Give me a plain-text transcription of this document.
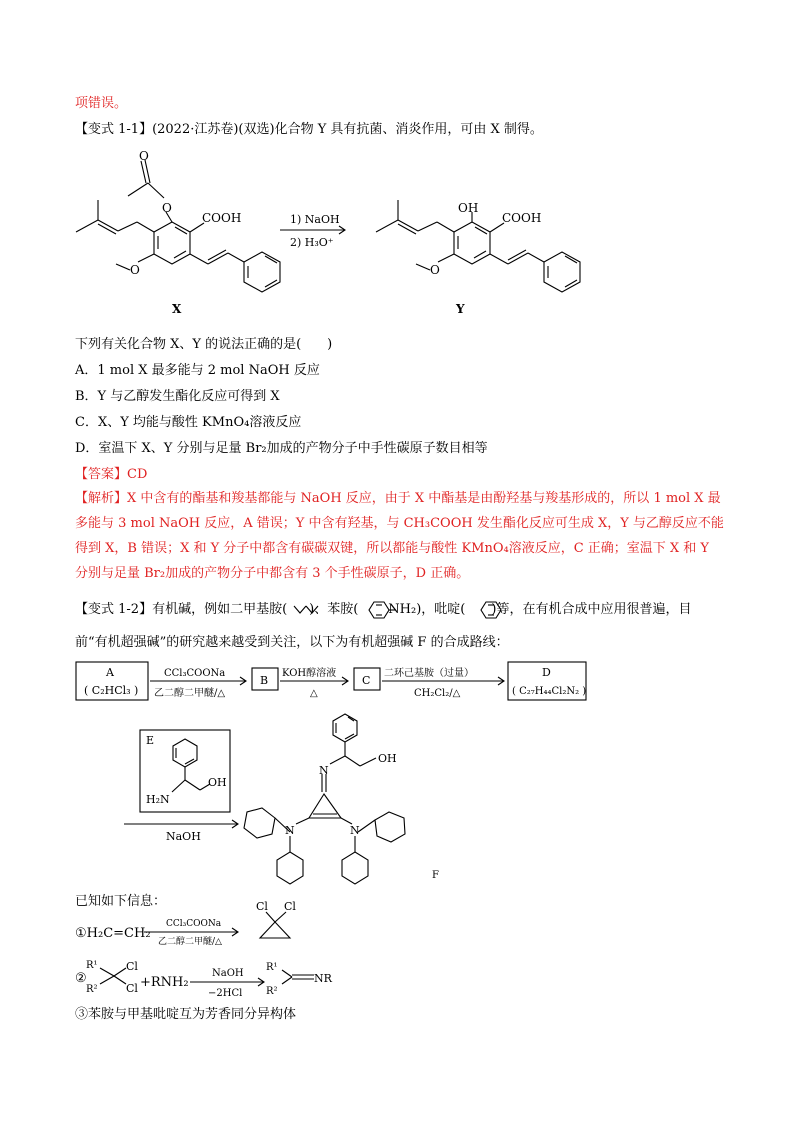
项错误。
【变式 1-1】(2022·江苏卷)(双选)化合物 Y 具有抗菌、消炎作用，可由 X 制得。
下列有关化合物 X、Y 的说法正确的是(　　)
A．1 mol X 最多能与 2 mol NaOH 反应
B．Y 与乙醇发生酯化反应可得到 X
C．X、Y 均能与酸性 KMnO₄溶液反应
D．室温下 X、Y 分别与足量 Br₂加成的产物分子中手性碳原子数目相等
【答案】CD
【解析】X 中含有的酯基和羧基都能与 NaOH 反应，由于 X 中酯基是由酚羟基与羧基形成的，所以 1 mol X 最多能与 3 mol NaOH 反应，A 错误；Y 中含有羟基，与 CH₃COOH 发生酯化反应可生成 X，Y 与乙醇反应不能得到 X，B 错误；X 和 Y 分子中都含有碳碳双键，所以都能与酸性 KMnO₄溶液反应，C 正确；室温下 X 和 Y 分别与足量 Br₂加成的产物分子中都含有 3 个手性碳原子，D 正确。
【变式 1-2】有机碱，例如二甲基胺( )、苯胺( NH₂)，吡啶( )等，在有机合成中应用很普遍，目
前“有机超强碱”的研究越来越受到关注，以下为有机超强碱 F 的合成路线：
已知如下信息：
③苯胺与甲基吡啶互为芳香同分异构体
O
O
COOH
O
OH
COOH
O
1) NaOH
2) H₃O⁺
X	Y
A
( C₂HCl₃ )
CCl₃COONa
乙二醇二甲醚/△
B
KOH醇溶液
△
C
二环己基胺（过量）
CH₂Cl₂/△
D
( C₂₇H₄₄Cl₂N₂ )
E
H₂N
OH
NaOH
N
OH
N	N
F
①H₂C=CH₂
CCl₃COONa
乙二醇二甲醚/△
Cl Cl
②
R¹
R²
Cl
Cl +RNH₂
NaOH
−2HCl
R¹
R²
NR
